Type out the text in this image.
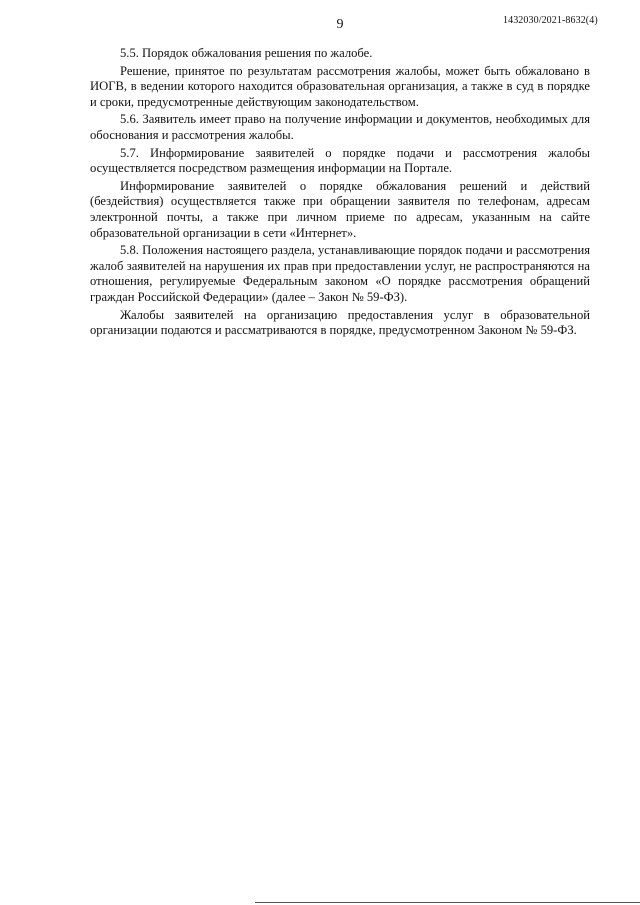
9	1432030/2021-8632(4)

5.5. Порядок обжалования решения по жалобе.

Решение, принятое по результатам рассмотрения жалобы, может быть обжаловано в ИОГВ, в ведении которого находится образовательная организация, а также в суд в порядке и сроки, предусмотренные действующим законодательством.

5.6. Заявитель имеет право на получение информации и документов, необходимых для обоснования и рассмотрения жалобы.

5.7. Информирование заявителей о порядке подачи и рассмотрения жалобы осуществляется посредством размещения информации на Портале.

Информирование заявителей о порядке обжалования решений и действий (бездействия) осуществляется также при обращении заявителя по телефонам, адресам электронной почты, а также при личном приеме по адресам, указанным на сайте образовательной организации в сети «Интернет».

5.8. Положения настоящего раздела, устанавливающие порядок подачи и рассмотрения жалоб заявителей на нарушения их прав при предоставлении услуг, не распространяются на отношения, регулируемые Федеральным законом «О порядке рассмотрения обращений граждан Российской Федерации» (далее – Закон № 59-ФЗ).

Жалобы заявителей на организацию предоставления услуг в образовательной организации подаются и рассматриваются в порядке, предусмотренном Законом № 59-ФЗ.
